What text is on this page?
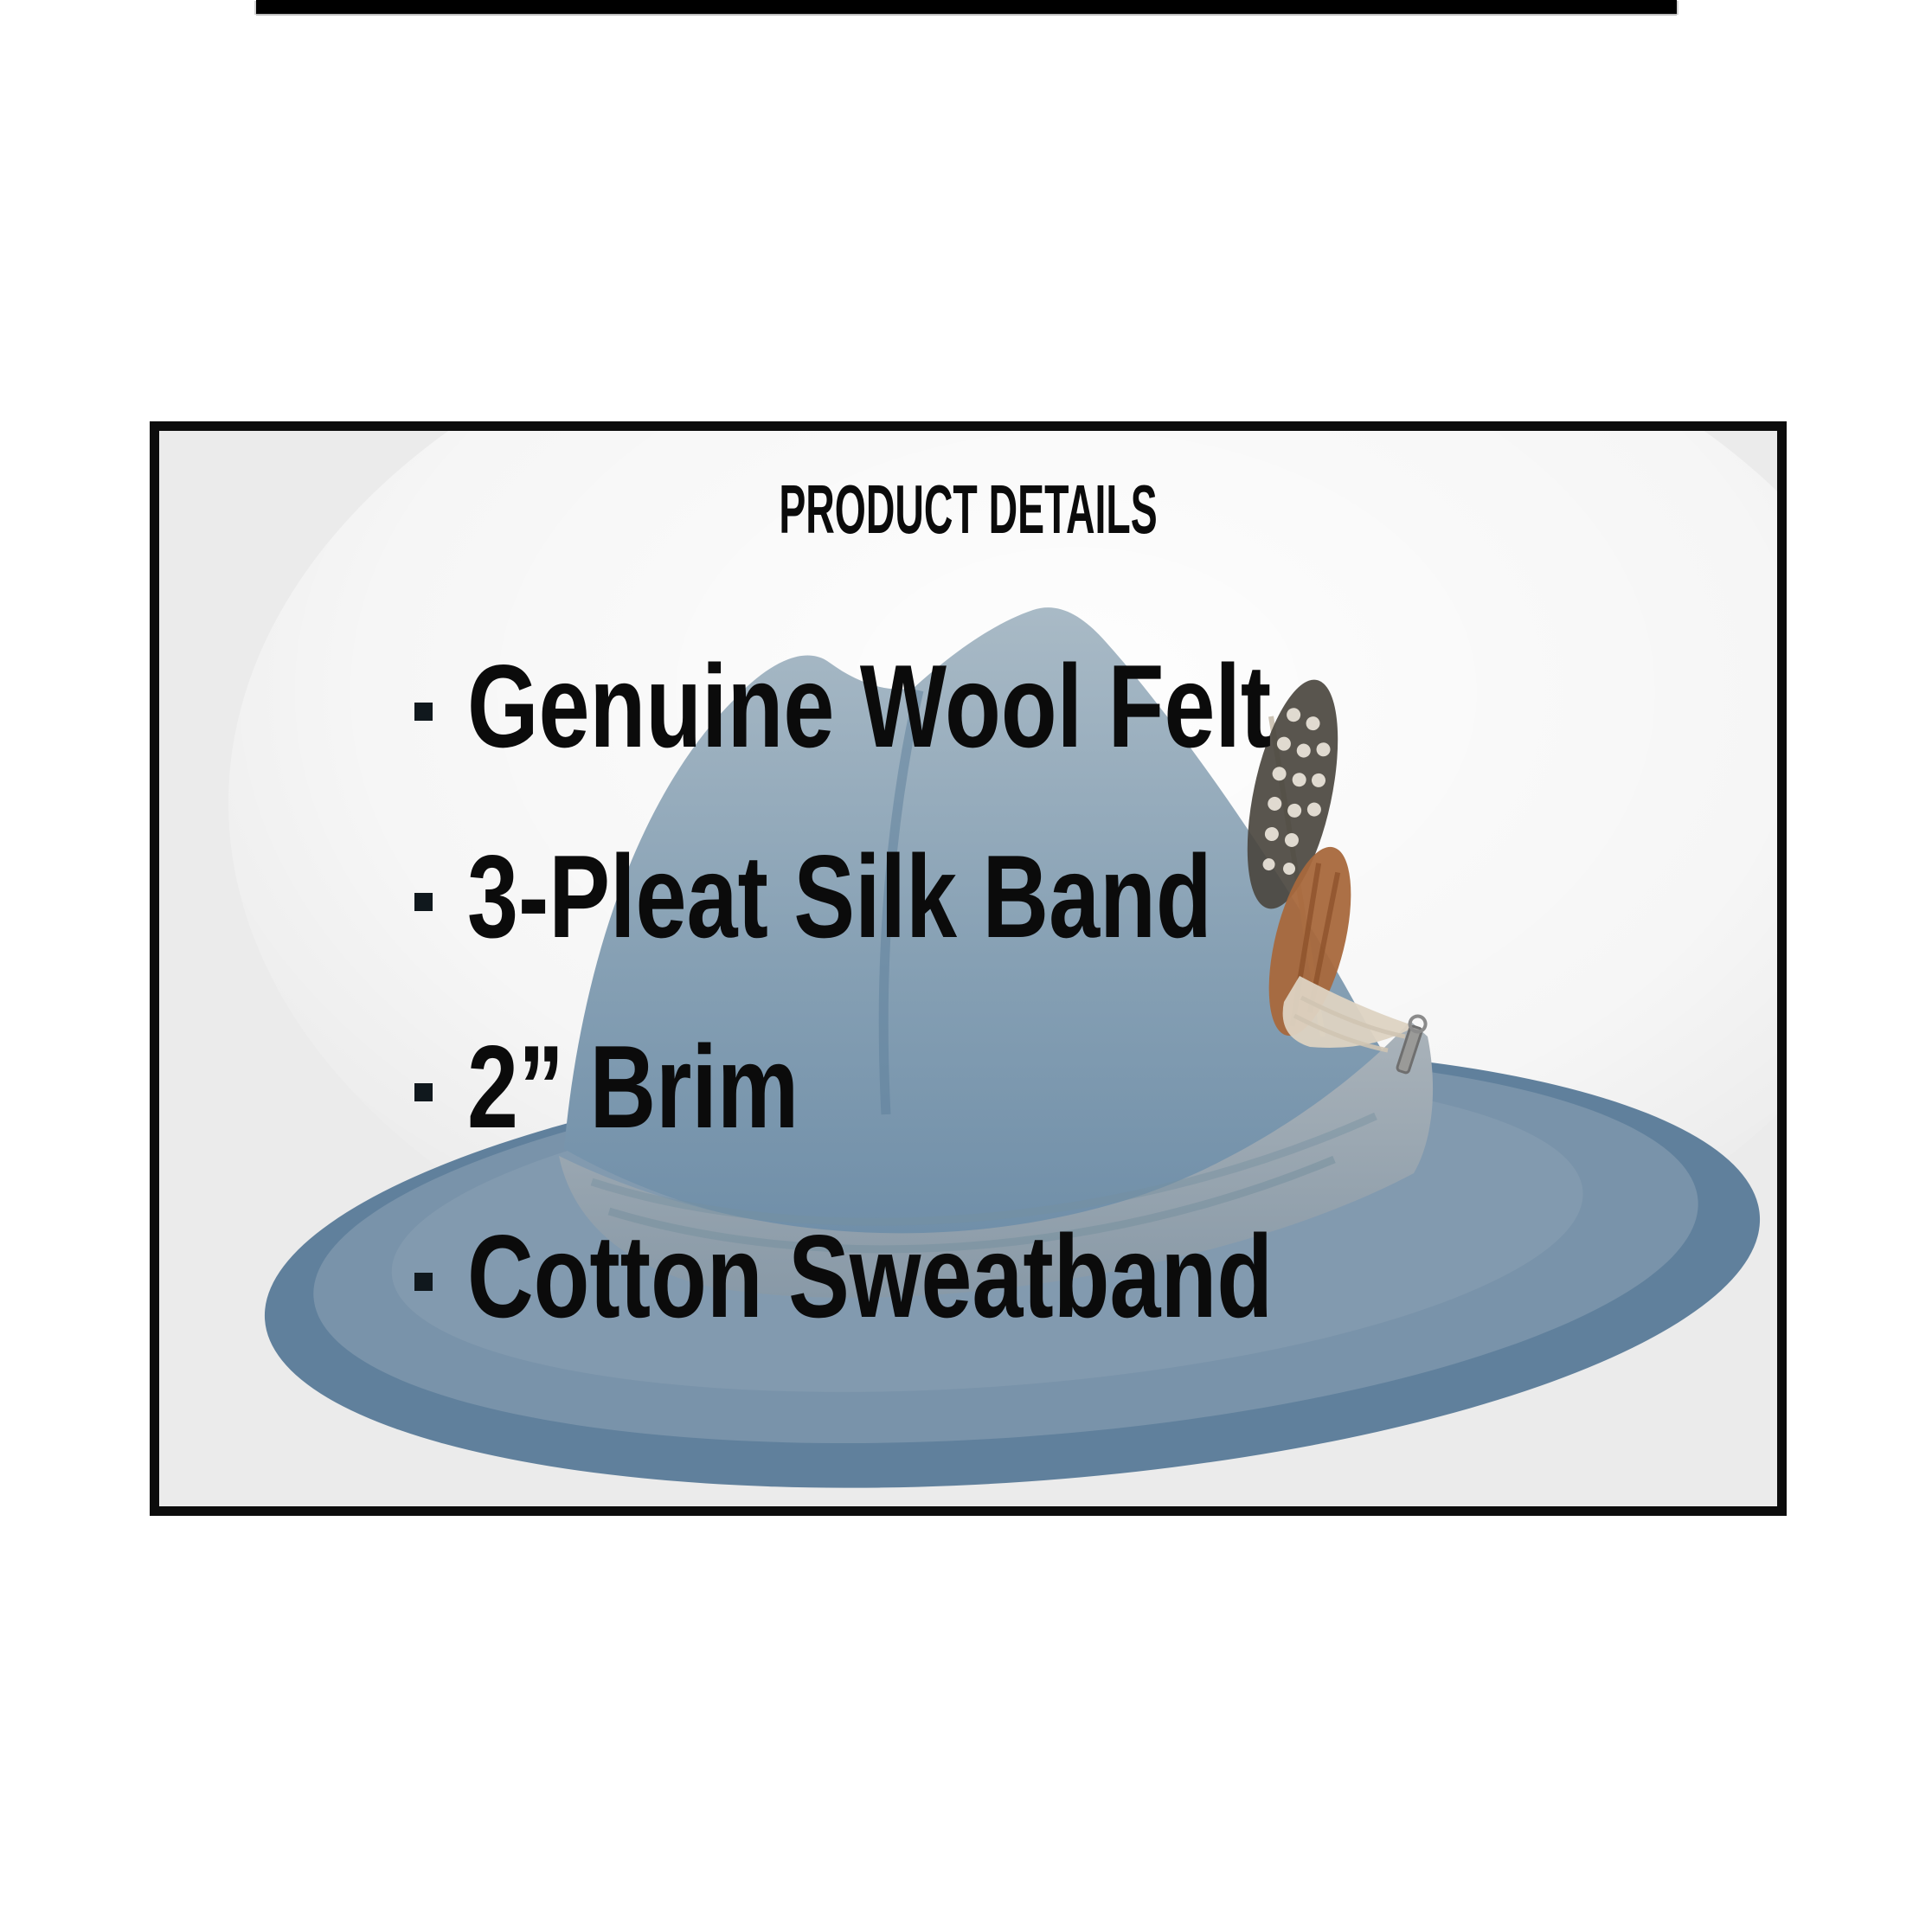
PRODUCT DETAILS
Genuine Wool Felt
3-Pleat Silk Band
2” Brim
Cotton Sweatband
